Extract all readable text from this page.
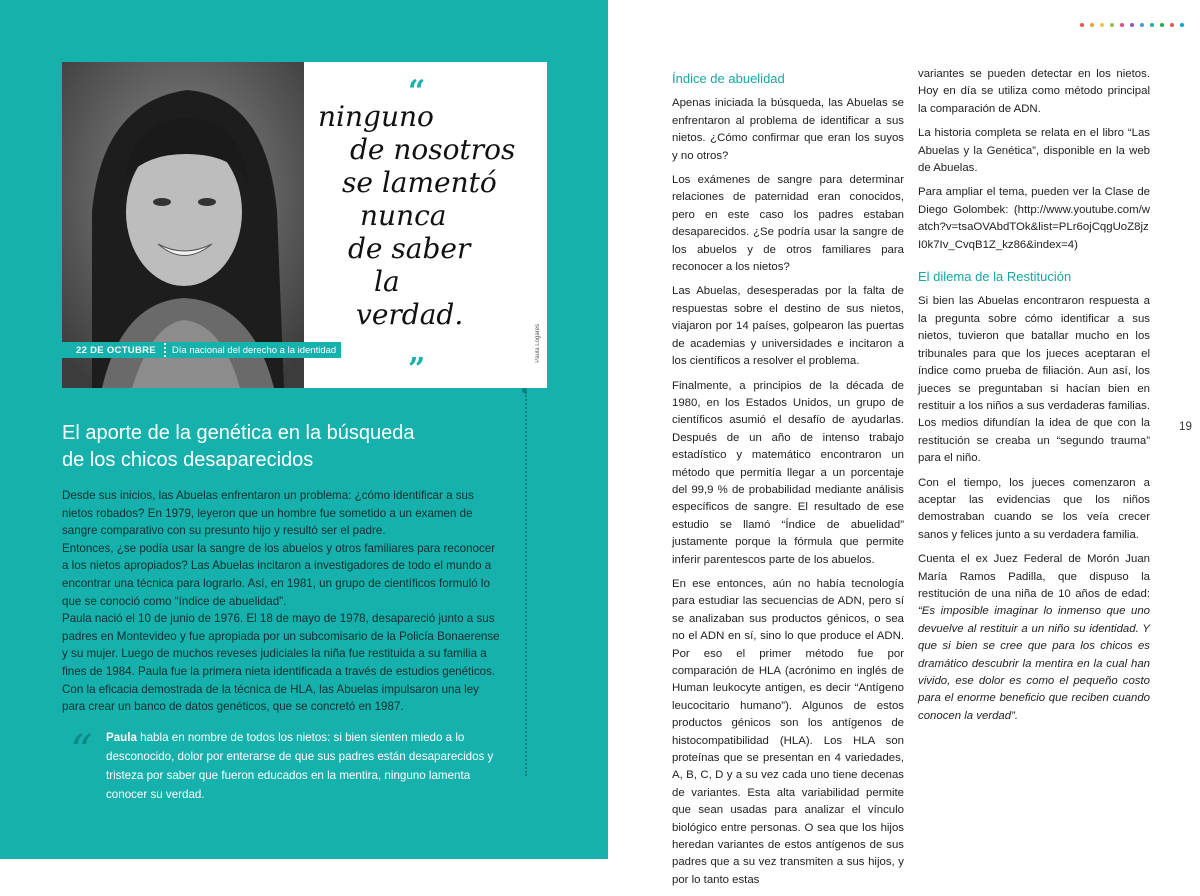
“
ninguno
de nosotros
se lamentó
nunca
de saber
la
verdad.
”
Paula Logares
22 DE OCTUBRE	Día nacional del derecho a la identidad
El aporte de la genética en la búsqueda
de los chicos desaparecidos

Desde sus inicios, las Abuelas enfrentaron un problema: ¿cómo identificar a sus nietos robados? En 1979, leyeron que un hombre fue sometido a un examen de sangre comparativo con su presunto hijo y resultó ser el padre.

Entonces, ¿se podía usar la sangre de los abuelos y otros familiares para reconocer a los nietos apropiados? Las Abuelas incitaron a investigadores de todo el mundo a encontrar una técnica para lograrlo. Así, en 1981, un grupo de científicos formuló lo que se conoció como “índice de abuelidad”.

Paula nació el 10 de junio de 1976. El 18 de mayo de 1978, desapareció junto a sus padres en Montevideo y fue apropiada por un subcomisario de la Policía Bonaerense y su mujer. Luego de muchos reveses judiciales la niña fue restituida a su familia a fines de 1984. Paula fue la primera nieta identificada a través de estudios genéticos. Con la eficacia demostrada de la técnica de HLA, las Abuelas impulsaron una ley para crear un banco de datos genéticos, que se concretó en 1987.

“ Paula habla en nombre de todos los nietos: si bien sienten miedo a lo desconocido, dolor por enterarse de que sus padres están desaparecidos y tristeza por saber que fueron educados en la mentira, ninguno lamenta conocer su verdad.
Índice de abuelidad

Apenas iniciada la búsqueda, las Abuelas se enfrentaron al problema de identificar a sus nietos. ¿Cómo confirmar que eran los suyos y no otros?

Los exámenes de sangre para determinar relaciones de paternidad eran conocidos, pero en este caso los padres estaban desaparecidos. ¿Se podría usar la sangre de los abuelos y de otros familiares para reconocer a los nietos?

Las Abuelas, desesperadas por la falta de respuestas sobre el destino de sus nietos, viajaron por 14 países, golpearon las puertas de academias y universidades e incitaron a los científicos a resolver el problema.

Finalmente, a principios de la década de 1980, en los Estados Unidos, un grupo de científicos asumió el desafío de ayudarlas. Después de un año de intenso trabajo estadístico y matemático encontraron un método que permitía llegar a un porcentaje del 99,9 % de probabilidad mediante análisis específicos de sangre. El resultado de ese estudio se llamó “Índice de abuelidad” justamente porque la fórmula que permite inferir parentescos parte de los abuelos.

En ese entonces, aún no había tecnología para estudiar las secuencias de ADN, pero sí se analizaban sus productos génicos, o sea no el ADN en sí, sino lo que produce el ADN. Por eso el primer método fue por comparación de HLA (acrónimo en inglés de Human leukocyte antigen, es decir “Antígeno leucocitario humano”). Algunos de estos productos génicos son los antígenos de histocompatibilidad (HLA). Los HLA son proteínas que se presentan en 4 variedades, A, B, C, D y a su vez cada uno tiene decenas de variantes. Esta alta variabilidad permite que sean usadas para analizar el vínculo biológico entre personas. O sea que los hijos heredan variantes de estos antígenos de sus padres que a su vez transmiten a sus hijos, y por lo tanto estas

variantes se pueden detectar en los nietos. Hoy en día se utiliza como método principal la comparación de ADN.

La historia completa se relata en el libro “Las Abuelas y la Genética”, disponible en la web de Abuelas.

Para ampliar el tema, pueden ver la Clase de Diego Golombek: (http://www.youtube.com/watch?v=tsaOVAbdTOk&list=PLr6ojCqgUoZ8jzI0k7Iv_CvqB1Z_kz86&index=4)

El dilema de la Restitución

Si bien las Abuelas encontraron respuesta a la pregunta sobre cómo identificar a sus nietos, tuvieron que batallar mucho en los tribunales para que los jueces aceptaran el índice como prueba de filiación. Aun así, los jueces se preguntaban si hacían bien en restituir a los niños a sus verdaderas familias. Los medios difundían la idea de que con la restitución se creaba un “segundo trauma” para el niño.

Con el tiempo, los jueces comenzaron a aceptar las evidencias que los niños demostraban cuando se los veía crecer sanos y felices junto a su verdadera familia.

Cuenta el ex Juez Federal de Morón Juan María Ramos Padilla, que dispuso la restitución de una niña de 10 años de edad: “Es imposible imaginar lo inmenso que uno devuelve al restituir a un niño su identidad. Y que si bien se cree que para los chicos es dramático descubrir la mentira en la cual han vivido, ese dolor es como el pequeño costo para el enorme beneficio que reciben cuando conocen la verdad”.

19
